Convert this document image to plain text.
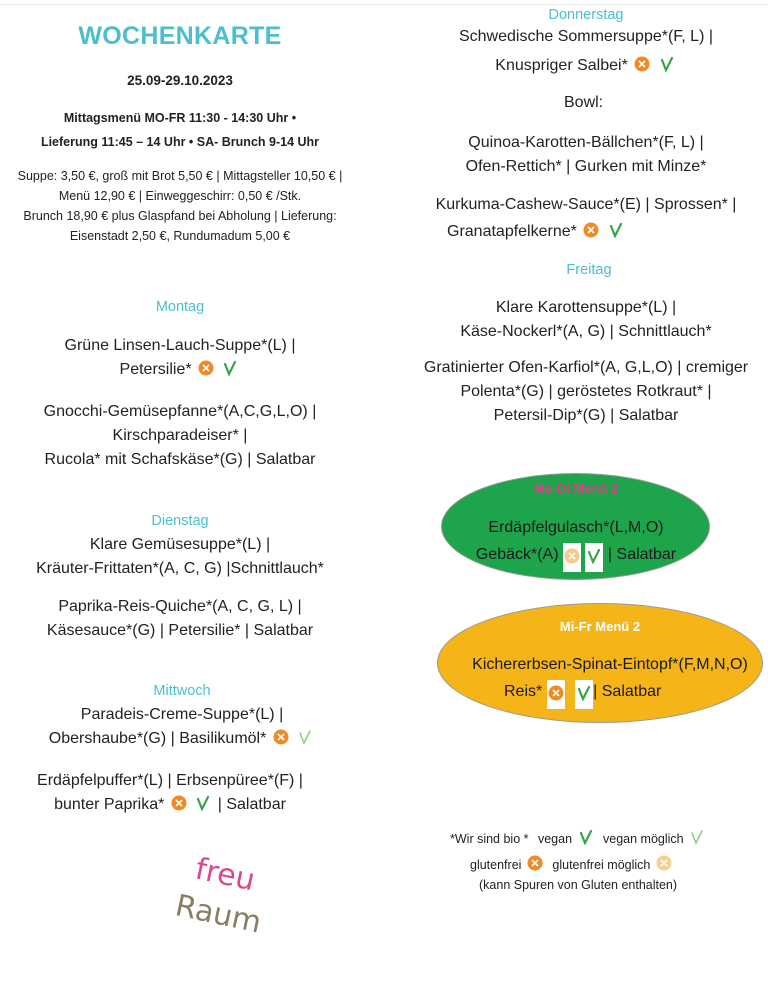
WOCHENKARTE
25.09-29.10.2023
Mittagsmenü MO-FR 11:30 - 14:30 Uhr •
Lieferung 11:45 – 14 Uhr • SA- Brunch 9-14 Uhr
Suppe: 3,50 €, groß mit Brot 5,50 € | Mittagsteller 10,50 € |
Menü 12,90 € | Einweggeschirr: 0,50 € /Stk.
Brunch 18,90 € plus Glaspfand bei Abholung | Lieferung:
Eisenstadt 2,50 €, Rundumadum 5,00 €
Montag
Grüne Linsen-Lauch-Suppe*(L) |
Petersilie*
Gnocchi-Gemüsepfanne*(A,C,G,L,O) |
Kirschparadeiser* |
Rucola* mit Schafskäse*(G) | Salatbar
Dienstag
Klare Gemüsesuppe*(L) |
Kräuter-Frittaten*(A, C, G) |Schnittlauch*
Paprika-Reis-Quiche*(A, C, G, L) |
Käsesauce*(G) | Petersilie* | Salatbar
Mittwoch
Paradeis-Creme-Suppe*(L) |
Obershaube*(G) | Basilikumöl*
Erdäpfelpuffer*(L) | Erbsenpüree*(F) |
bunter Paprika*	| Salatbar
freu
Raum
Donnerstag
Schwedische Sommersuppe*(F, L) |
Knuspriger Salbei*
Bowl:
Quinoa-Karotten-Bällchen*(F, L) |
Ofen-Rettich* | Gurken mit Minze*
Kurkuma-Cashew-Sauce*(E) | Sprossen* |
Granatapfelkerne*
Freitag
Klare Karottensuppe*(L) |
Käse-Nockerl*(A, G) | Schnittlauch*
Gratinierter Ofen-Karfiol*(A, G,L,O) | cremiger
Polenta*(G) | geröstetes Rotkraut* |
Petersil-Dip*(G) | Salatbar
Mo-Di Menü 2
Erdäpfelgulasch*(L,M,O)
Gebäck*(A)	| Salatbar
Mi-Fr Menü 2
Kichererbsen-Spinat-Eintopf*(F,M,N,O)
Reis*	| Salatbar
*Wir sind bio * vegan vegan möglich
glutenfrei glutenfrei möglich
(kann Spuren von Gluten enthalten)
